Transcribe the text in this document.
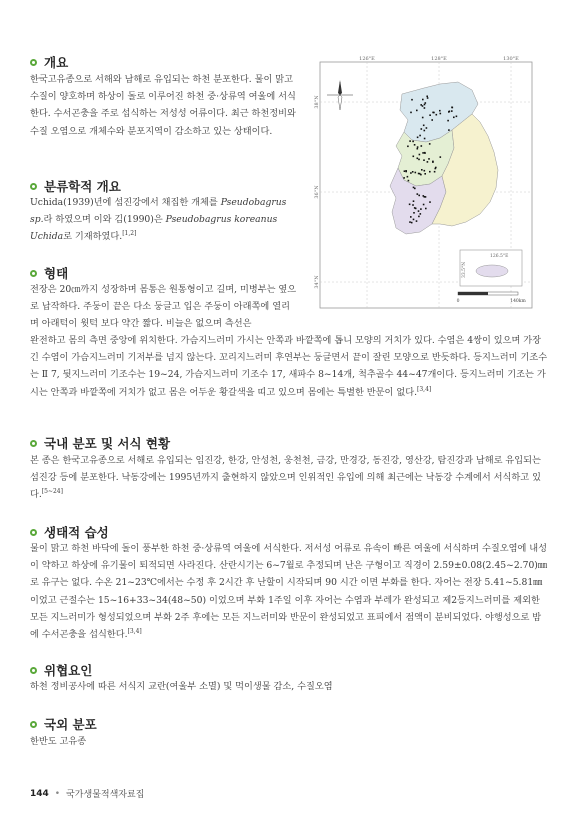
개요

한국고유종으로 서해와 남해로 유입되는 하천 분포한다. 물이 맑고 수질이 양호하며 하상이 돌로 이루어진 하천 중·상류역 여울에 서식한다. 수서곤충을 주로 섭식하는 저성성 어류이다. 최근 하천정비와 수질 오염으로 개체수와 분포지역이 감소하고 있는 상태이다.

분류학적 개요

Uchida(1939)년에 섬진강에서 채집한 개체를 Pseudobagrus sp.라 하였으며 이와 김(1990)은 Pseudobagrus koreanus Uchida로 기재하였다.[1,2]

형태

전장은 20㎝까지 성장하며 몸통은 원통형이고 길며, 미병부는 옆으로 납작하다. 주둥이 끝은 다소 둥글고 입은 주둥이 아래쪽에 열리며 아래턱이 윗턱 보다 약간 짧다. 비늘은 없으며 측선은

완전하고 몸의 측면 중앙에 위치한다. 가슴지느러미 가시는 안쪽과 바깥쪽에 톱니 모양의 거치가 있다. 수염은 4쌍이 있으며 가장 긴 수염이 가슴지느러미 기저부를 넘지 않는다. 꼬리지느러미 후연부는 둥글면서 끝이 잘린 모양으로 반듯하다. 등지느러미 기조수는 Ⅱ 7, 뒷지느러미 기조수는 19~24, 가슴지느러미 기조수 17, 새파수 8~14개, 척추골수 44~47개이다. 등지느러미 기조는 가시는 안쪽과 바깥쪽에 거치가 없고 몸은 어두운 황갈색을 띠고 있으며 몸에는 특별한 반문이 없다.[3,4]

국내 분포 및 서식 현황

본 종은 한국고유종으로 서해로 유입되는 임진강, 한강, 안성천, 웅천천, 금강, 만경강, 동진강, 영산강, 탐진강과 남해로 유입되는 섬진강 등에 분포한다. 낙동강에는 1995년까지 출현하지 않았으며 인위적인 유입에 의해 최근에는 낙동강 수계에서 서식하고 있다.[5~24]

생태적 습성

물이 맑고 하천 바닥에 돌이 풍부한 하천 중·상류역 여울에 서식한다. 저서성 어류로 유속이 빠른 여울에 서식하며 수질오염에 내성이 약하고 하상에 유기물이 퇴적되면 사라진다. 산란시기는 6~7월로 추정되며 난은 구형이고 직경이 2.59±0.08(2.45~2.70)㎜로 유구는 없다. 수온 21~23℃에서는 수정 후 2시간 후 난할이 시작되며 90 시간 이면 부화를 한다. 자어는 전장 5.41~5.81㎜ 이었고 근절수는 15~16+33~34(48~50) 이었으며 부화 1주일 이후 자어는 수염과 부레가 완성되고 제2등지느러미를 제외한 모든 지느러미가 형성되었으며 부화 2주 후에는 모든 지느러미와 반문이 완성되었고 표피에서 점액이 분비되었다. 야행성으로 밤에 수서곤충을 섭식한다.[3,4]

위협요인

하천 정비공사에 따른 서식지 교란(여울부 소멸) 및 먹이생물 감소, 수질오염

국외 분포

한반도 고유종

126°E	128°E	130°E
38°N
36°N
34°N
126.5°E
33.5°N
0	140km
144 • 국가생물적색자료집
